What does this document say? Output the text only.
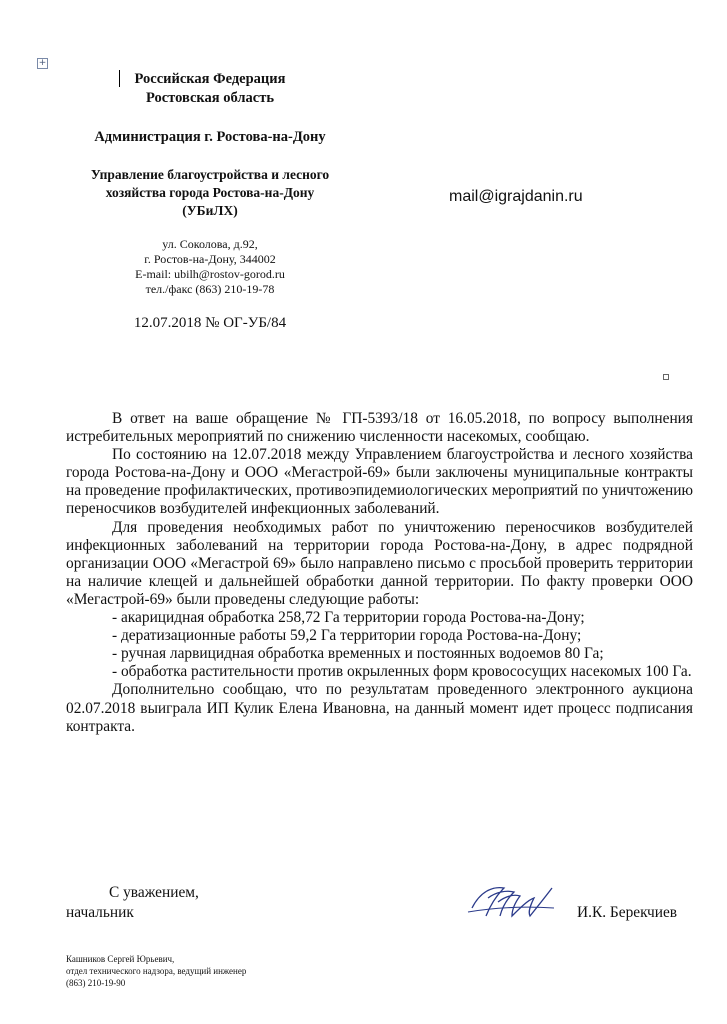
+
Российская Федерация
Ростовская область
Администрация г. Ростова-на-Дону
Управление благоустройства и лесного
хозяйства города Ростова-на-Дону
(УБиЛХ)
ул. Соколова, д.92,
г. Ростов-на-Дону, 344002
E-mail: ubilh@rostov-gorod.ru
тел./факс (863) 210-19-78
12.07.2018 № ОГ-УБ/84
mail@igrajdanin.ru

В ответ на ваше обращение № ГП-5393/18 от 16.05.2018, по вопросу выполнения истребительных мероприятий по снижению численности насекомых, сообщаю.

По состоянию на 12.07.2018 между Управлением благоустройства и лесного хозяйства города Ростова-на-Дону и ООО «Мегастрой-69» были заключены муниципальные контракты на проведение профилактических, противоэпидемиологических мероприятий по уничтожению переносчиков возбудителей инфекционных заболеваний.

Для проведения необходимых работ по уничтожению переносчиков возбудителей инфекционных заболеваний на территории города Ростова-на-Дону, в адрес подрядной организации ООО «Мегастрой 69» было направлено письмо с просьбой проверить территории на наличие клещей и дальнейшей обработки данной территории. По факту проверки ООО «Мегастрой-69» были проведены следующие работы:

- акарицидная обработка 258,72 Га территории города Ростова-на-Дону;

- дератизационные работы 59,2 Га территории города Ростова-на-Дону;

- ручная ларвицидная обработка временных и постоянных водоемов 80 Га;

- обработка растительности против окрыленных форм кровососущих насекомых 100 Га.

Дополнительно сообщаю, что по результатам проведенного электронного аукциона 02.07.2018 выиграла ИП Кулик Елена Ивановна, на данный момент идет процесс подписания контракта.

С уважением,
начальник	И.К. Берекчиев
Кашников Сергей Юрьевич,
отдел технического надзора, ведущий инженер
(863) 210-19-90
